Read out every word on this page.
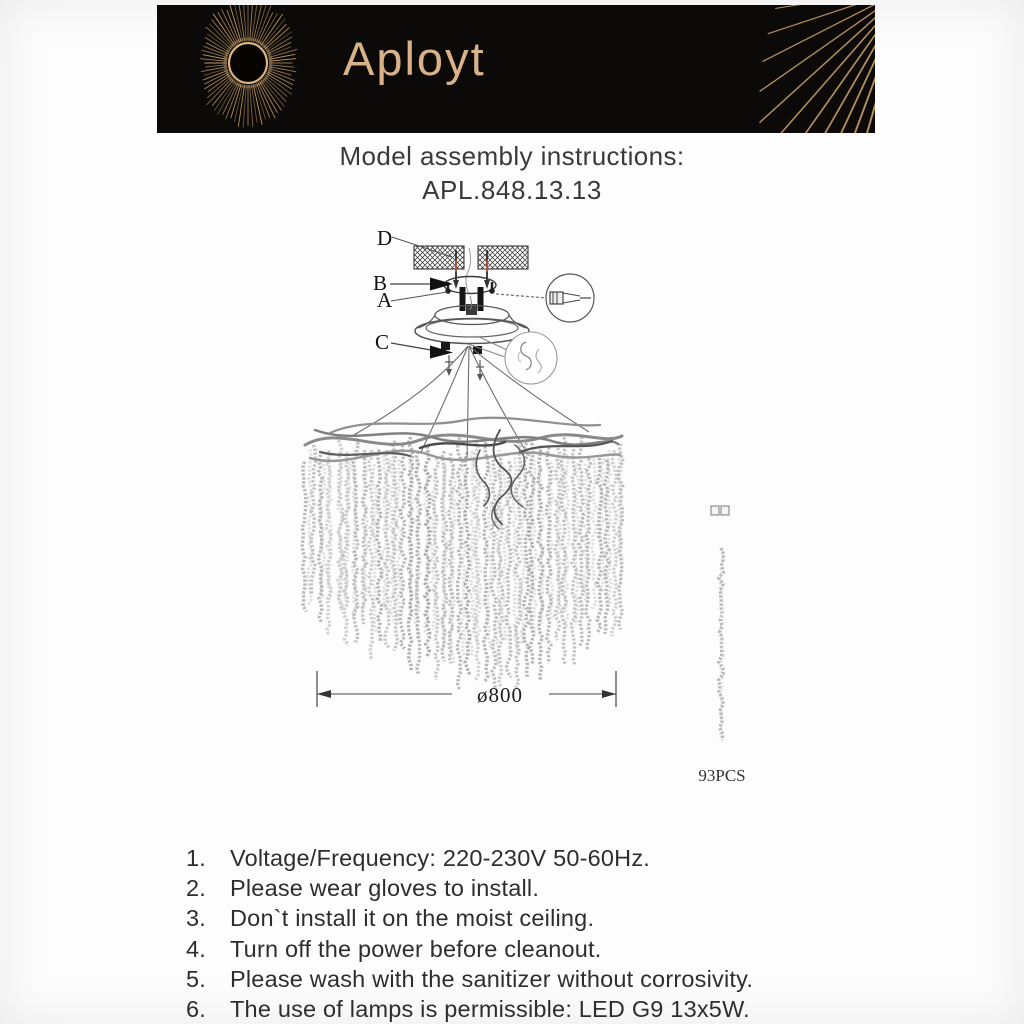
Aployt
Model assembly instructions:
APL.848.13.13
D
B
A
C
ø800
93PCS
1.	Voltage/Frequency: 220-230V 50-60Hz.
2.	Please wear gloves to install.
3.	Don`t install it on the moist ceiling.
4.	Turn off the power before cleanout.
5.	Please wash with the sanitizer without corrosivity.
6.	The use of lamps is permissible: LED G9 13x5W.
